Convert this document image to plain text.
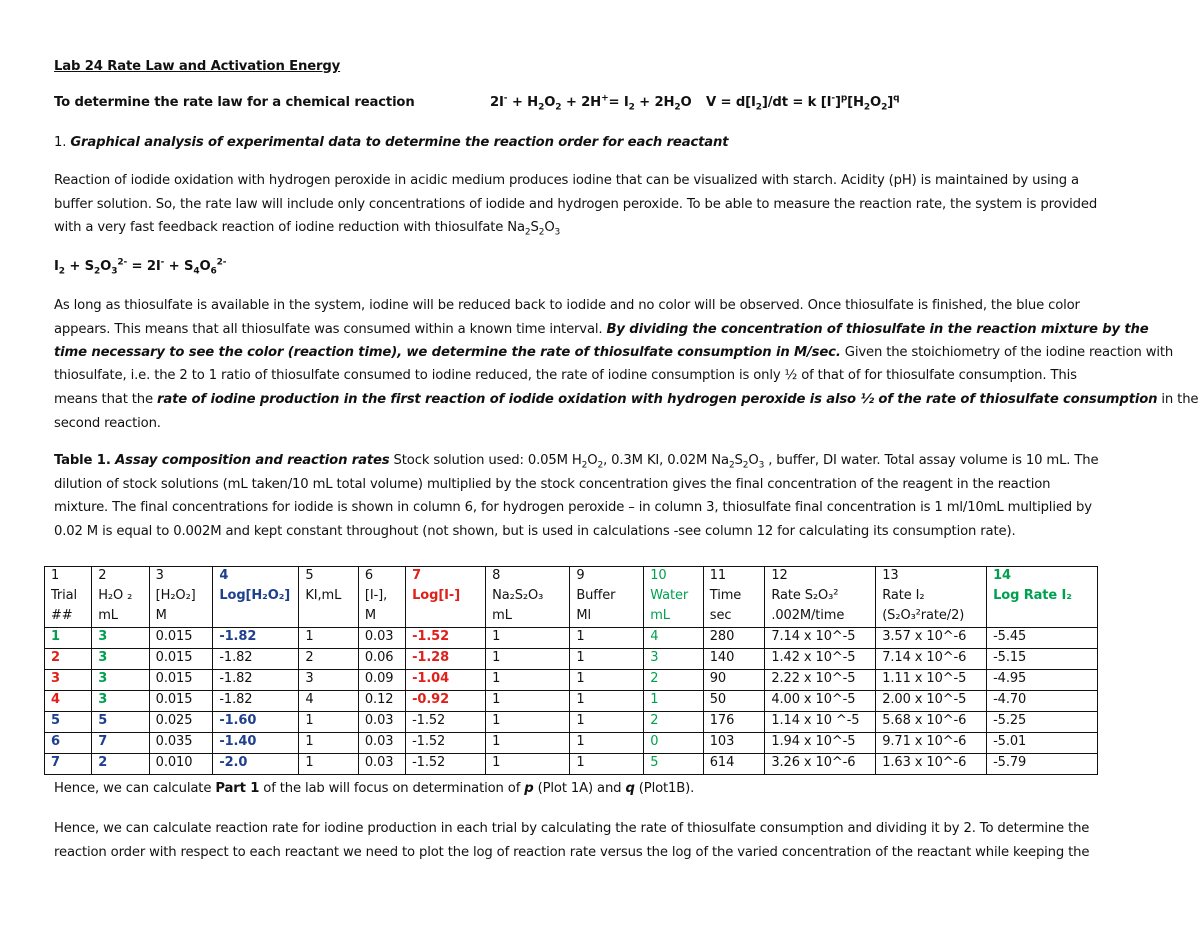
Lab 24 Rate Law and Activation Energy
To determine the rate law for a chemical reaction	$2I^- + H_2O_2 + 2H^+= I_2 + 2H_2O$ $V = d[I_2]/dt = k$ $[I^-]^p[H_2O_2]^q$
1. Graphical analysis of experimental data to determine the reaction order for each reactant
Reaction of iodide oxidation with hydrogen peroxide in acidic medium produces iodine that can be visualized with starch. Acidity (pH) is maintained by using a
buffer solution. So, the rate law will include only concentrations of iodide and hydrogen peroxide. To be able to measure the reaction rate, the system is provided
with a very fast feedback reaction of iodine reduction with thiosulfate $Na_2S_2O_3$
$I_2 + S_2O_3^{2-} = 2I^- + S_4O_6^{2-}$
As long as thiosulfate is available in the system, iodine will be reduced back to iodide and no color will be observed. Once thiosulfate is finished, the blue color
appears. This means that all thiosulfate was consumed within a known time interval. By dividing the concentration of thiosulfate in the reaction mixture by the
time necessary to see the color (reaction time), we determine the rate of thiosulfate consumption in M/sec. Given the stoichiometry of the iodine reaction with
thiosulfate, i.e. the 2 to 1 ratio of thiosulfate consumed to iodine reduced, the rate of iodine consumption is only ½ of that of for thiosulfate consumption. This
means that the rate of iodine production in the first reaction of iodide oxidation with hydrogen peroxide is also ½ of the rate of thiosulfate consumption in the
second reaction.
Table 1. Assay composition and reaction rates Stock solution used: 0.05M $H_2O_2$, 0.3M KI, 0.02M $Na_2S_2O_3$ , buffer, DI water. Total assay volume is 10 mL. The
dilution of stock solutions (mL taken/10 mL total volume) multiplied by the stock concentration gives the final concentration of the reagent in the reaction
mixture. The final concentrations for iodide is shown in column 6, for hydrogen peroxide – in column 3, thiosulfate final concentration is 1 ml/10mL multiplied by
0.02 M is equal to 0.002M and kept constant throughout (not shown, but is used in calculations -see column 12 for calculating its consumption rate).
Hence, we can calculate Part 1 of the lab will focus on determination of p (Plot 1A) and q (Plot1B).
Hence, we can calculate reaction rate for iodine production in each trial by calculating the rate of thiosulfate consumption and dividing it by 2. To determine the
reaction order with respect to each reactant we need to plot the log of reaction rate versus the log of the varied concentration of the reactant while keeping the
1	2	3	4	5	6	7	8	9	10	11	12	13	14
Trial	H₂O ₂	[H₂O₂]	Log[H₂O₂]	KI,mL	[I-],	Log[I-]	Na₂S₂O₃	Buffer	Water	Time	Rate S₂O₃²	Rate I₂	Log Rate I₂
##	mL	M			M		mL	Ml	mL	sec	.002M/time	(S₂O₃²rate/2)	
1	3	0.015	-1.82	1	0.03	-1.52	1	1	4	280	7.14 x 10^-5	3.57 x 10^-6	-5.45
2	3	0.015	-1.82	2	0.06	-1.28	1	1	3	140	1.42 x 10^-5	7.14 x 10^-6	-5.15
3	3	0.015	-1.82	3	0.09	-1.04	1	1	2	90	2.22 x 10^-5	1.11 x 10^-5	-4.95
4	3	0.015	-1.82	4	0.12	-0.92	1	1	1	50	4.00 x 10^-5	2.00 x 10^-5	-4.70
5	5	0.025	-1.60	1	0.03	-1.52	1	1	2	176	1.14 x 10 ^-5	5.68 x 10^-6	-5.25
6	7	0.035	-1.40	1	0.03	-1.52	1	1	0	103	1.94 x 10^-5	9.71 x 10^-6	-5.01
7	2	0.010	-2.0	1	0.03	-1.52	1	1	5	614	3.26 x 10^-6	1.63 x 10^-6	-5.79
